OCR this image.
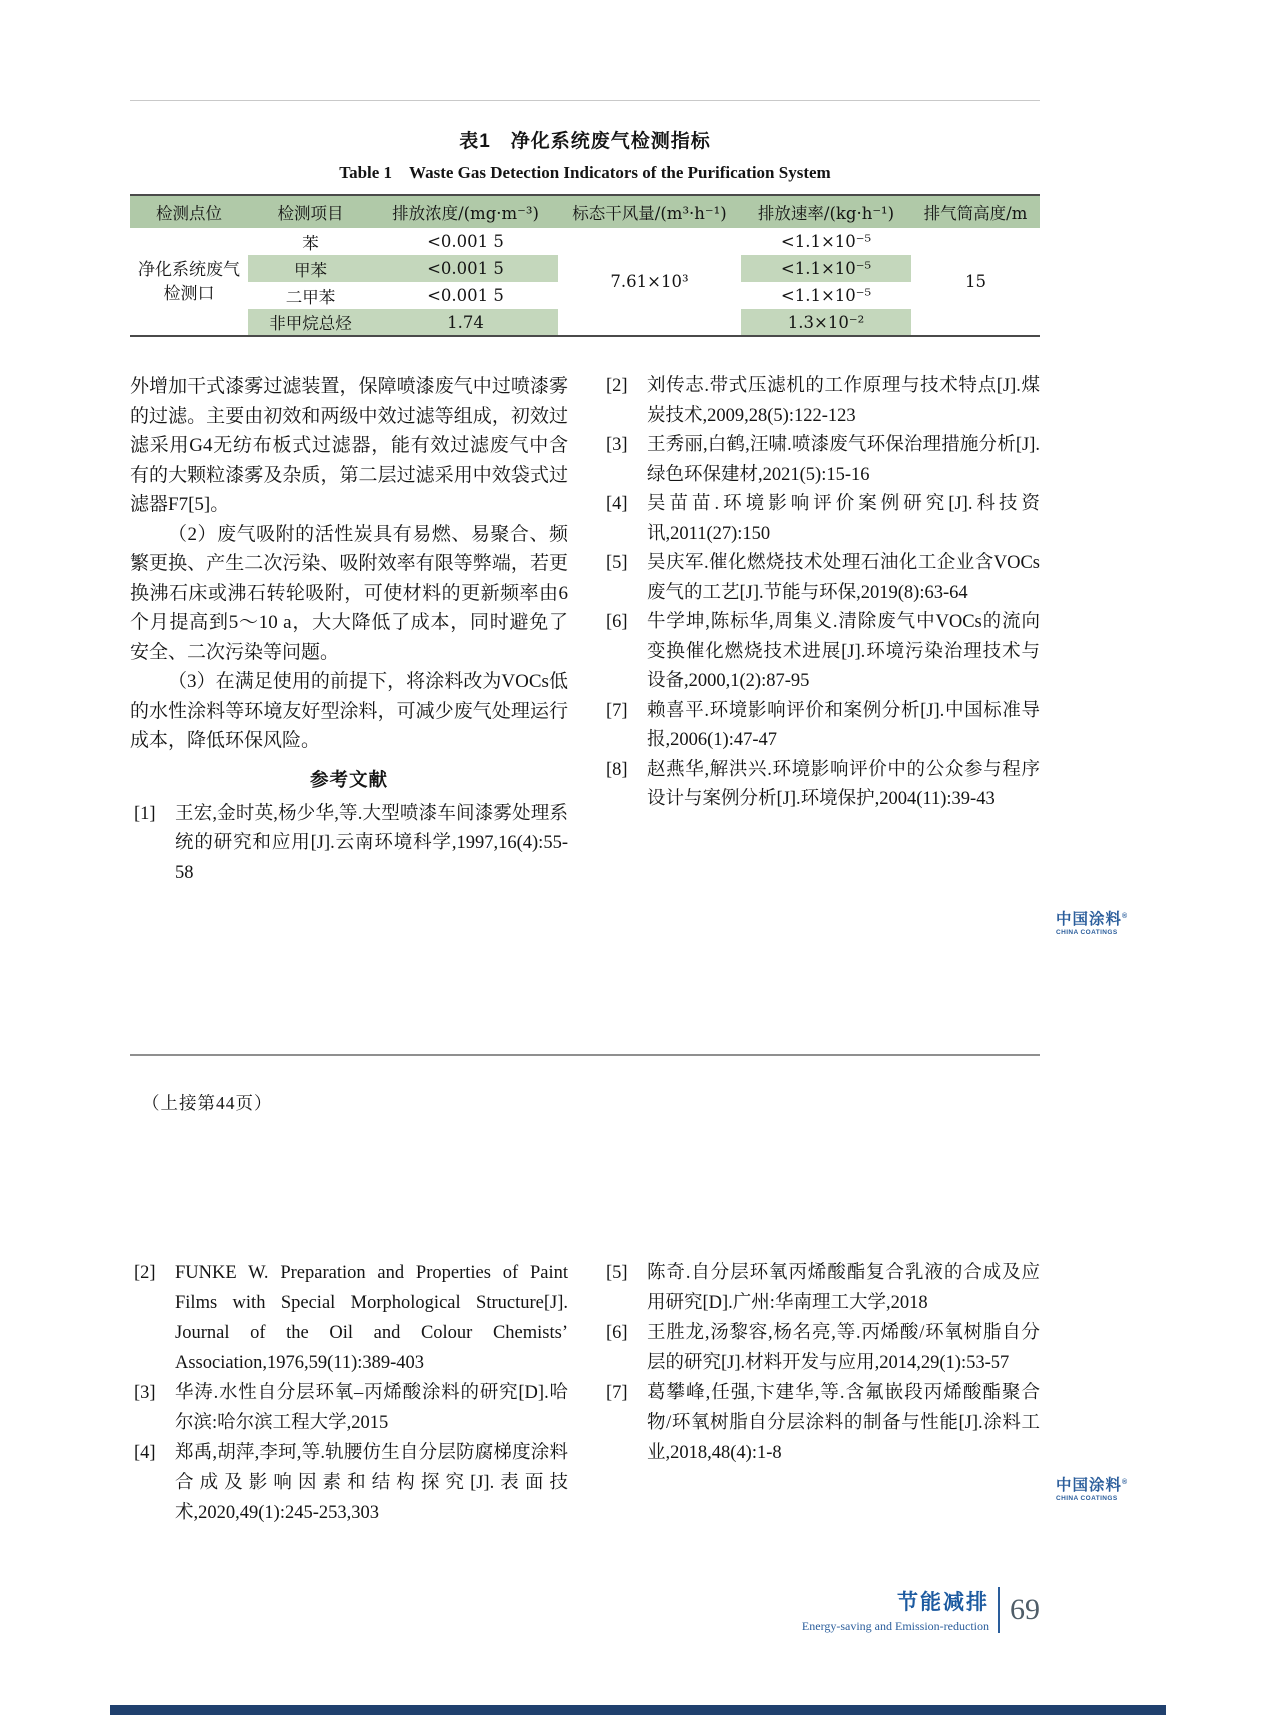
表1　净化系统废气检测指标
Table 1　Waste Gas Detection Indicators of the Purification System
检测点位	检测项目	排放浓度/(mg·m⁻³)	标态干风量/(m³·h⁻¹)	排放速率/(kg·h⁻¹)	排气筒高度/m
净化系统废气检测口	苯	<0.001 5	7.61×10³	<1.1×10⁻⁵	15
	甲苯	<0.001 5		<1.1×10⁻⁵	
	二甲苯	<0.001 5		<1.1×10⁻⁵	
	非甲烷总烃	1.74		1.3×10⁻²	

外增加干式漆雾过滤装置，保障喷漆废气中过喷漆雾的过滤。主要由初效和两级中效过滤等组成，初效过滤采用G4无纺布板式过滤器，能有效过滤废气中含有的大颗粒漆雾及杂质，第二层过滤采用中效袋式过滤器F7[5]。

（2）废气吸附的活性炭具有易燃、易聚合、频繁更换、产生二次污染、吸附效率有限等弊端，若更换沸石床或沸石转轮吸附，可使材料的更新频率由6个月提高到5～10 a，大大降低了成本，同时避免了安全、二次污染等问题。

（3）在满足使用的前提下，将涂料改为VOCs低的水性涂料等环境友好型涂料，可减少废气处理运行成本，降低环保风险。

参考文献
[1] 王宏,金时英,杨少华,等.大型喷漆车间漆雾处理系统的研究和应用[J].云南环境科学,1997,16(4):55-58
[2] 刘传志.带式压滤机的工作原理与技术特点[J].煤炭技术,2009,28(5):122-123
[3] 王秀丽,白鹤,汪啸.喷漆废气环保治理措施分析[J].绿色环保建材,2021(5):15-16
[4] 吴苗苗.环境影响评价案例研究[J].科技资讯,2011(27):150
[5] 吴庆军.催化燃烧技术处理石油化工企业含VOCs废气的工艺[J].节能与环保,2019(8):63-64
[6] 牛学坤,陈标华,周集义.清除废气中VOCs的流向变换催化燃烧技术进展[J].环境污染治理技术与设备,2000,1(2):87-95
[7] 赖喜平.环境影响评价和案例分析[J].中国标准导报,2006(1):47-47
[8] 赵燕华,解洪兴.环境影响评价中的公众参与程序设计与案例分析[J].环境保护,2004(11):39-43
中国涂料®
CHINA COATINGS
（上接第44页）
[2] FUNKE W. Preparation and Properties of Paint Films with Special Morphological Structure[J]. Journal of the Oil and Colour Chemists’ Association,1976,59(11):389-403
[3] 华涛.水性自分层环氧–丙烯酸涂料的研究[D].哈尔滨:哈尔滨工程大学,2015
[4] 郑禹,胡萍,李珂,等.轨腰仿生自分层防腐梯度涂料合成及影响因素和结构探究[J].表面技术,2020,49(1):245-253,303
[5] 陈奇.自分层环氧丙烯酸酯复合乳液的合成及应用研究[D].广州:华南理工大学,2018
[6] 王胜龙,汤黎容,杨名亮,等.丙烯酸/环氧树脂自分层的研究[J].材料开发与应用,2014,29(1):53-57
[7] 葛攀峰,任强,卞建华,等.含氟嵌段丙烯酸酯聚合物/环氧树脂自分层涂料的制备与性能[J].涂料工业,2018,48(4):1-8
中国涂料®
CHINA COATINGS
节能减排
Energy-saving and Emission-reduction 69
